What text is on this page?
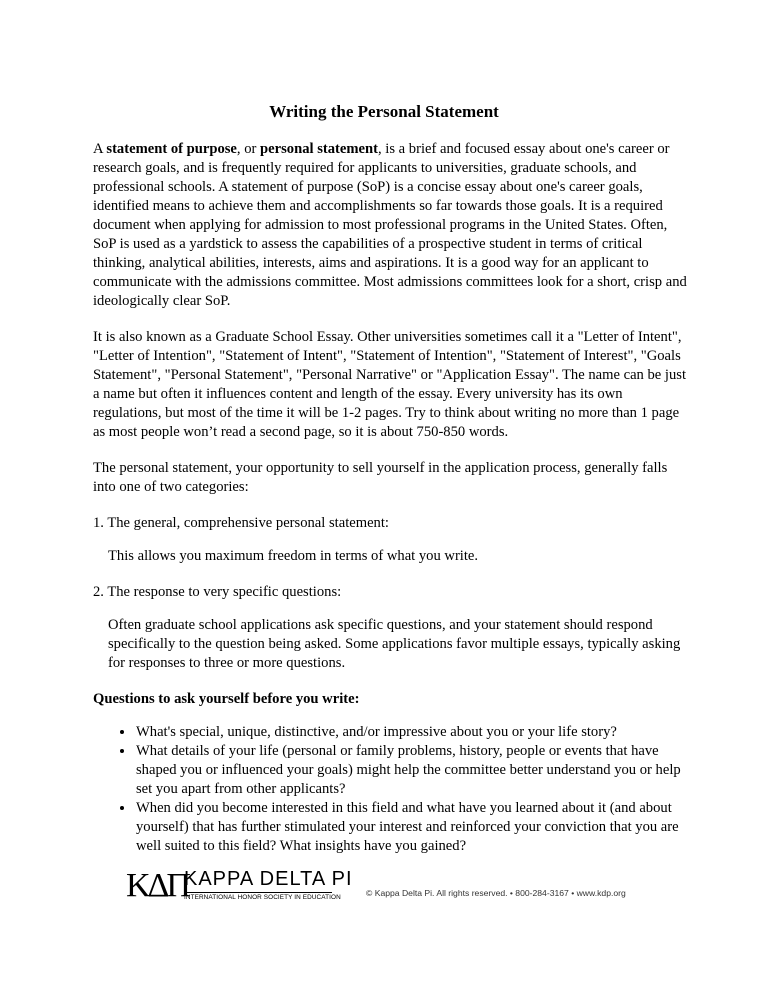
Writing the Personal Statement

A statement of purpose, or personal statement, is a brief and focused essay about one's career or research goals, and is frequently required for applicants to universities, graduate schools, and professional schools. A statement of purpose (SoP) is a concise essay about one's career goals, identified means to achieve them and accomplishments so far towards those goals. It is a required document when applying for admission to most professional programs in the United States. Often, SoP is used as a yardstick to assess the capabilities of a prospective student in terms of critical thinking, analytical abilities, interests, aims and aspirations. It is a good way for an applicant to communicate with the admissions committee. Most admissions committees look for a short, crisp and ideologically clear SoP.

It is also known as a Graduate School Essay. Other universities sometimes call it a "Letter of Intent", "Letter of Intention", "Statement of Intent", "Statement of Intention", "Statement of Interest", "Goals Statement", "Personal Statement", "Personal Narrative" or "Application Essay". The name can be just a name but often it influences content and length of the essay. Every university has its own regulations, but most of the time it will be 1-2 pages. Try to think about writing no more than 1 page as most people won’t read a second page, so it is about 750-850 words.

The personal statement, your opportunity to sell yourself in the application process, generally falls into one of two categories:

1. The general, comprehensive personal statement:

This allows you maximum freedom in terms of what you write.

2. The response to very specific questions:

Often graduate school applications ask specific questions, and your statement should respond specifically to the question being asked. Some applications favor multiple essays, typically asking for responses to three or more questions.

Questions to ask yourself before you write:

• What's special, unique, distinctive, and/or impressive about you or your life story?
• What details of your life (personal or family problems, history, people or events that have shaped you or influenced your goals) might help the committee better understand you or help set you apart from other applicants?
• When did you become interested in this field and what have you learned about it (and about yourself) that has further stimulated your interest and reinforced your conviction that you are well suited to this field? What insights have you gained?
ΚΔΠ
KAPPA DELTA PI
INTERNATIONAL HONOR SOCIETY IN EDUCATION	© Kappa Delta Pi. All rights reserved. • 800-284-3167 • www.kdp.org
